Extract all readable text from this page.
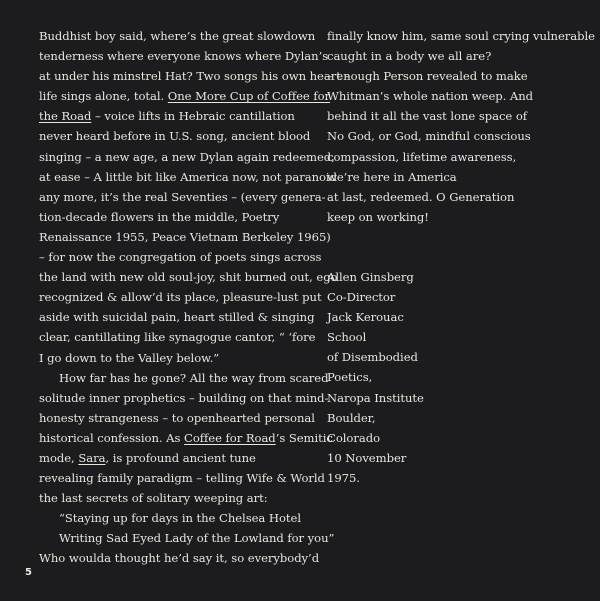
Buddhist boy said, where’s the great slowdown
tenderness where everyone knows where Dylan’s
at under his minstrel Hat? Two songs his own heart –
life sings alone, total. One More Cup of Coffee for
the Road – voice lifts in Hebraic cantillation
never heard before in U.S. song, ancient blood
singing – a new age, a new Dylan again redeemed,
at ease – A little bit like America now, not paranoid
any more, it’s the real Seventies – (every genera-
tion-decade flowers in the middle, Poetry
Renaissance 1955, Peace Vietnam Berkeley 1965)
– for now the congregation of poets sings across
the land with new old soul-joy, shit burned out, ego
recognized & allow’d its place, pleasure-lust put
aside with suicidal pain, heart stilled & singing
clear, cantillating like synagogue cantor, “ ‘fore
I go down to the Valley below.”
How far has he gone? All the way from scared
solitude inner prophetics – building on that mind-
honesty strangeness – to openhearted personal
historical confession. As Coffee for Road’s Semitic
mode, Sara, is profound ancient tune
revealing family paradigm – telling Wife & World
the last secrets of solitary weeping art:
“Staying up for days in the Chelsea Hotel
Writing Sad Eyed Lady of the Lowland for you”
Who woulda thought he’d say it, so everybody’d
finally know him, same soul crying vulnerable
caught in a body we all are?
– enough Person revealed to make
Whitman’s whole nation weep. And
behind it all the vast lone space of
No God, or God, mindful conscious
compassion, lifetime awareness,
we’re here in America
at last, redeemed. O Generation
keep on working!
Allen Ginsberg
Co-Director
Jack Kerouac
School
of Disembodied
Poetics,
Naropa Institute
Boulder,
Colorado
10 November
1975.
5
